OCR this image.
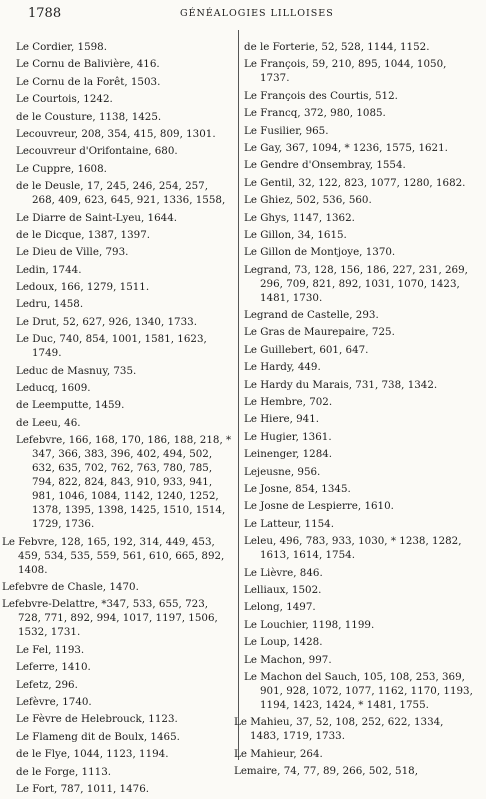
1788	GÉNÉALOGIES LILLOISES
Le Cordier, 1598.
Le Cornu de Balivière, 416.
Le Cornu de la Forêt, 1503.
Le Courtois, 1242.
de le Cousture, 1138, 1425.
Lecouvreur, 208, 354, 415, 809, 1301.
Lecouvreur d'Orifontaine, 680.
Le Cuppre, 1608.
de le Deusle, 17, 245, 246, 254, 257, 268, 409, 623, 645, 921, 1336, 1558,
Le Diarre de Saint-Lyeu, 1644.
de le Dicque, 1387, 1397.
Le Dieu de Ville, 793.
Ledin, 1744.
Ledoux, 166, 1279, 1511.
Ledru, 1458.
Le Drut, 52, 627, 926, 1340, 1733.
Le Duc, 740, 854, 1001, 1581, 1623, 1749.
Leduc de Masnuy, 735.
Leducq, 1609.
de Leemputte, 1459.
de Leeu, 46.
Lefebvre, 166, 168, 170, 186, 188, 218, * 347, 366, 383, 396, 402, 494, 502, 632, 635, 702, 762, 763, 780, 785, 794, 822, 824, 843, 910, 933, 941, 981, 1046, 1084, 1142, 1240, 1252, 1378, 1395, 1398, 1425, 1510, 1514, 1729, 1736.
Le Febvre, 128, 165, 192, 314, 449, 453, 459, 534, 535, 559, 561, 610, 665, 892, 1408.
Lefebvre de Chasle, 1470.
Lefebvre-Delattre, *347, 533, 655, 723, 728, 771, 892, 994, 1017, 1197, 1506, 1532, 1731.
Le Fel, 1193.
Leferre, 1410.
Lefetz, 296.
Lefèvre, 1740.
Le Fèvre de Helebrouck, 1123.
Le Flameng dit de Boulx, 1465.
de le Flye, 1044, 1123, 1194.
de le Forge, 1113.
Le Fort, 787, 1011, 1476.
de le Forterie, 52, 528, 1144, 1152.
Le François, 59, 210, 895, 1044, 1050, 1737.
Le François des Courtis, 512.
Le Francq, 372, 980, 1085.
Le Fusilier, 965.
Le Gay, 367, 1094, * 1236, 1575, 1621.
Le Gendre d'Onsembray, 1554.
Le Gentil, 32, 122, 823, 1077, 1280, 1682.
Le Ghiez, 502, 536, 560.
Le Ghys, 1147, 1362.
Le Gillon, 34, 1615.
Le Gillon de Montjoye, 1370.
Legrand, 73, 128, 156, 186, 227, 231, 269, 296, 709, 821, 892, 1031, 1070, 1423, 1481, 1730.
Legrand de Castelle, 293.
Le Gras de Maurepaire, 725.
Le Guillebert, 601, 647.
Le Hardy, 449.
Le Hardy du Marais, 731, 738, 1342.
Le Hembre, 702.
Le Hiere, 941.
Le Hugier, 1361.
Leinenger, 1284.
Lejeusne, 956.
Le Josne, 854, 1345.
Le Josne de Lespierre, 1610.
Le Latteur, 1154.
Leleu, 496, 783, 933, 1030, * 1238, 1282, 1613, 1614, 1754.
Le Lièvre, 846.
Lelliaux, 1502.
Lelong, 1497.
Le Louchier, 1198, 1199.
Le Loup, 1428.
Le Machon, 997.
Le Machon del Sauch, 105, 108, 253, 369, 901, 928, 1072, 1077, 1162, 1170, 1193, 1194, 1423, 1424, * 1481, 1755.
Le Mahieu, 37, 52, 108, 252, 622, 1334, 1483, 1719, 1733.
Le Mahieur, 264.
Lemaire, 74, 77, 89, 266, 502, 518,
